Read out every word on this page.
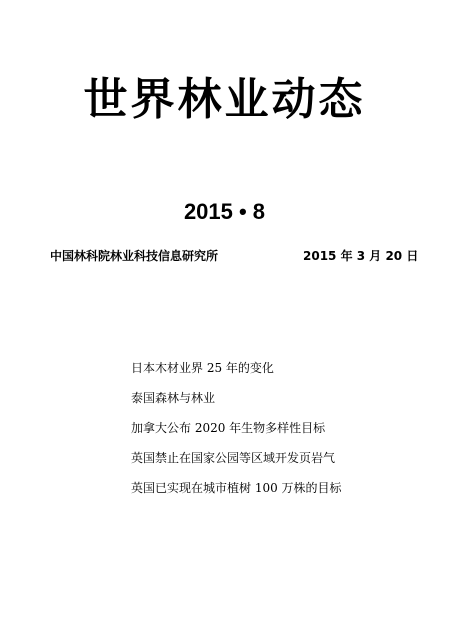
世界林业动态
2015 • 8
中国林科院林业科技信息研究所	2015 年 3 月 20 日
日本木材业界 25 年的变化
泰国森林与林业
加拿大公布 2020 年生物多样性目标
英国禁止在国家公园等区域开发页岩气
英国已实现在城市植树 100 万株的目标
